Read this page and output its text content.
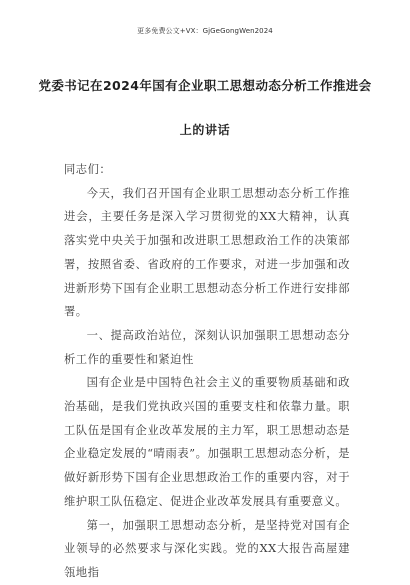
更多免费公文+VX：GjGeGongWen2024
党委书记在2024年国有企业职工思想动态分析工作推进会
上的讲话

同志们：

今天，我们召开国有企业职工思想动态分析工作推进会，主要任务是深入学习贯彻党的XX大精神，认真落实党中央关于加强和改进职工思想政治工作的决策部署，按照省委、省政府的工作要求，对进一步加强和改进新形势下国有企业职工思想动态分析工作进行安排部署。

一、提高政治站位，深刻认识加强职工思想动态分析工作的重要性和紧迫性

国有企业是中国特色社会主义的重要物质基础和政治基础，是我们党执政兴国的重要支柱和依靠力量。职工队伍是国有企业改革发展的主力军，职工思想动态是企业稳定发展的“晴雨表”。加强职工思想动态分析，是做好新形势下国有企业思想政治工作的重要内容，对于维护职工队伍稳定、促进企业改革发展具有重要意义。

第一，加强职工思想动态分析，是坚持党对国有企业领导的必然要求与深化实践。党的XX大报告高屋建瓴地指
